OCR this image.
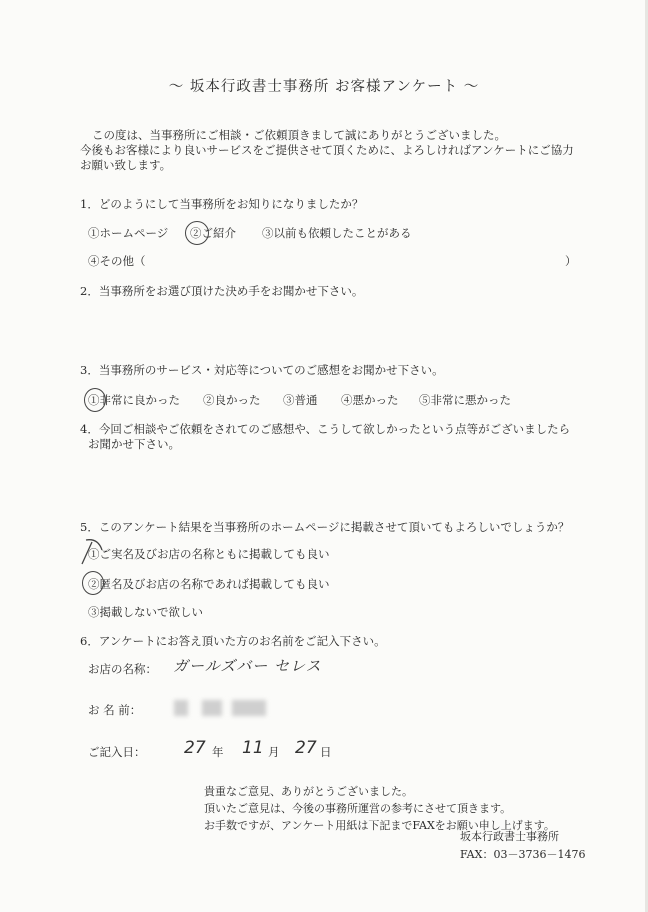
～ 坂本行政書士事務所 お客様アンケート ～
この度は、当事務所にご相談・ご依頼頂きまして誠にありがとうございました。
今後もお客様により良いサービスをご提供させて頂くために、よろしければアンケートにご協力
お願い致します。
1．どのようにして当事務所をお知りになりましたか？
①ホームページ ②ご紹介 ③以前も依頼したことがある
④その他（	）
2．当事務所をお選び頂けた決め手をお聞かせ下さい。
3．当事務所のサービス・対応等についてのご感想をお聞かせ下さい。
①非常に良かった ②良かった ③普通 ④悪かった ⑤非常に悪かった
4．今回ご相談やご依頼をされてのご感想や、こうして欲しかったという点等がございましたら
お聞かせ下さい。
5．このアンケート結果を当事務所のホームページに掲載させて頂いてもよろしいでしょうか？
①ご実名及びお店の名称ともに掲載しても良い
②匿名及びお店の名称であれば掲載しても良い
③掲載しないで欲しい
6．アンケートにお答え頂いた方のお名前をご記入下さい。
お店の名称： ガールズバー セレス
お 名 前：
ご記入日： 27 年 11 月 27 日
貴重なご意見、ありがとうございました。
頂いたご意見は、今後の事務所運営の参考にさせて頂きます。
お手数ですが、アンケート用紙は下記までFAXをお願い申し上げます。
坂本行政書士事務所
FAX：03－3736－1476
